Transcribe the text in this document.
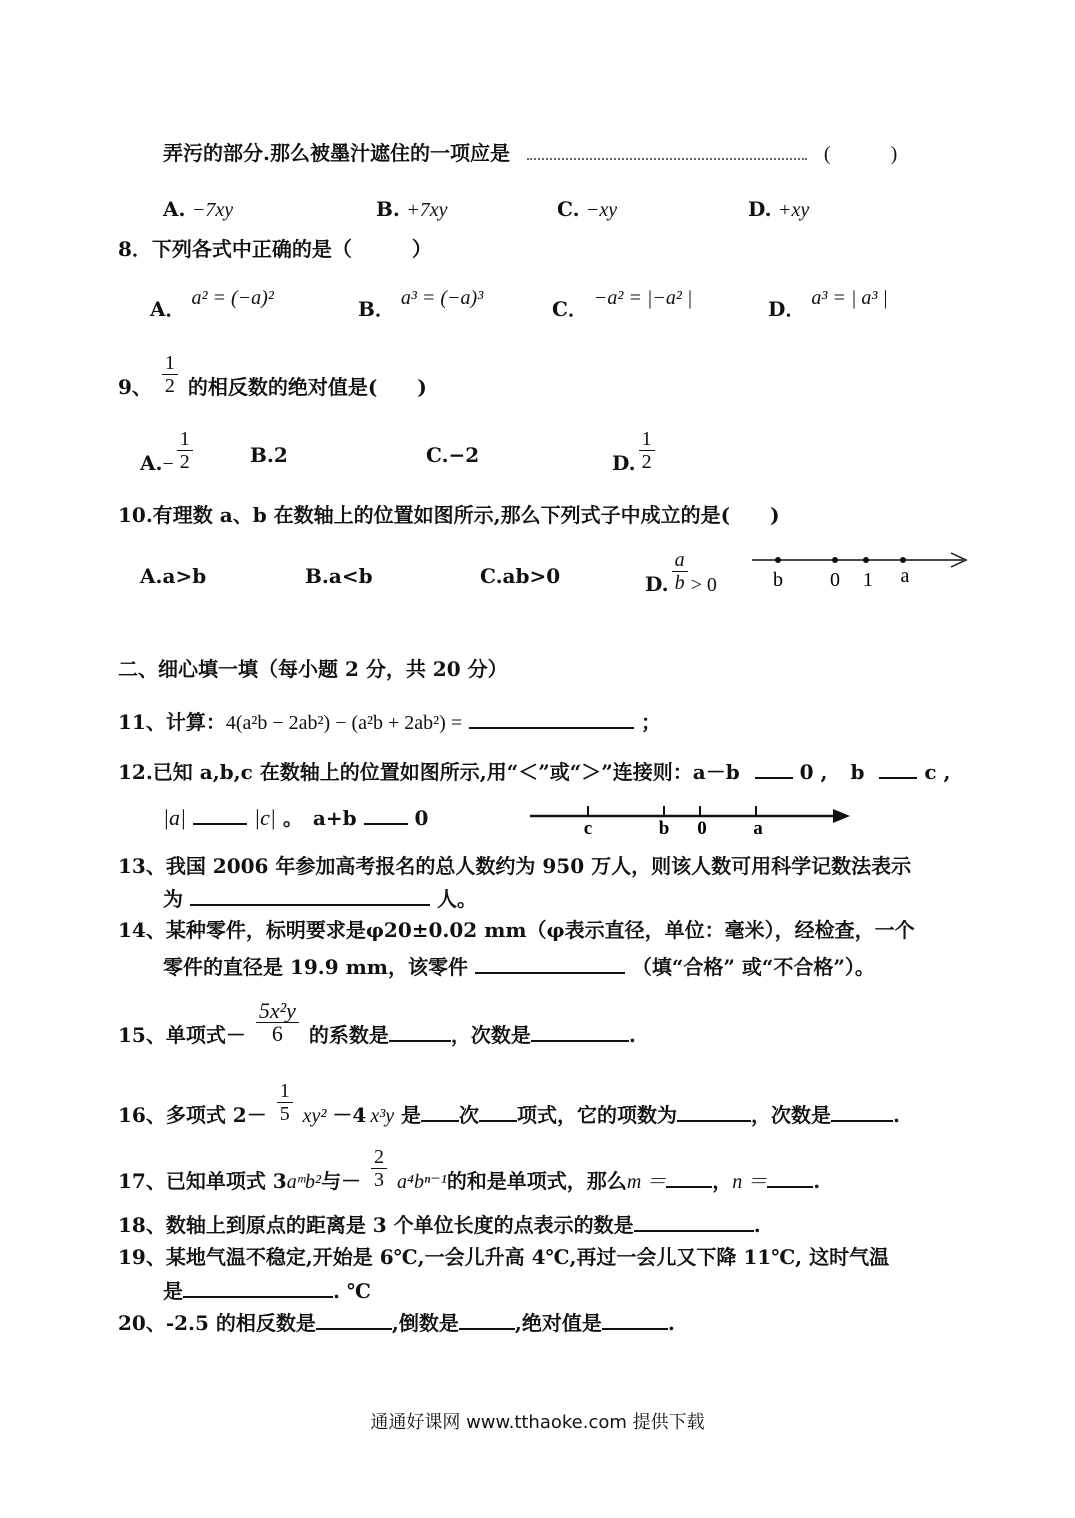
弄污的部分.那么被墨汁遮住的一项应是	(　　　)
A. −7xy	B. +7xy	C. −xy	D. +xy
8．下列各式中正确的是（　　　）
A． a² = (−a)²	B． a³ = (−a)³	C． −a² = |−a² |	D． a³ = | a³ |
9、 $\frac{1}{2}$ 的相反数的绝对值是(　　)
$A.- \frac{1}{2}$	B.2	C.−2	D. $\frac{1}{2}$
10.有理数 a、b 在数轴上的位置如图所示,那么下列式子中成立的是(　　)
A.a>b	B.a<b	C.ab>0	D. $\frac{a}{b} > 0$	b 0 1 a
二、细心填一填（每小题 2 分，共 20 分）
11、计算：4(a²b − 2ab²) − (a²b + 2ab²) =	；
12.已知 a,b,c 在数轴上的位置如图所示,用“＜”或“＞”连接则：a－b	0 , b	c ,
|a|	|c| 。　a+b	0	c	b 0 a
13、我国 2006 年参加高考报名的总人数约为 950 万人，则该人数可用科学记数法表示
为	人。
14、某种零件，标明要求是φ20±0.02 mm（φ表示直径，单位：毫米），经检查，一个
零件的直径是 19.9 mm，该零件	（填“合格” 或“不合格”）。
15、单项式－ $\frac{\text{5x²y}}{6}$ 的系数是	，次数是	.
16、多项式 $2- \frac{1}{5} xy^2 -4$ x³y 是 次 项式，它的项数为	，次数是	.
17、已知单项式 3aᵐb²与－ $\frac{2}{3} a^4b^{n-1}$的和是单项式，那么m ＝ ，n ＝ .
18、数轴上到原点的距离是 3 个单位长度的点表示的数是	.
19、某地气温不稳定,开始是 6℃,一会儿升高 4℃,再过一会儿又下降 11℃, 这时气温
是	. ℃
20、-2.5 的相反数是	,倒数是	,绝对值是	.
通通好课网 www.tthaoke.com 提供下载
